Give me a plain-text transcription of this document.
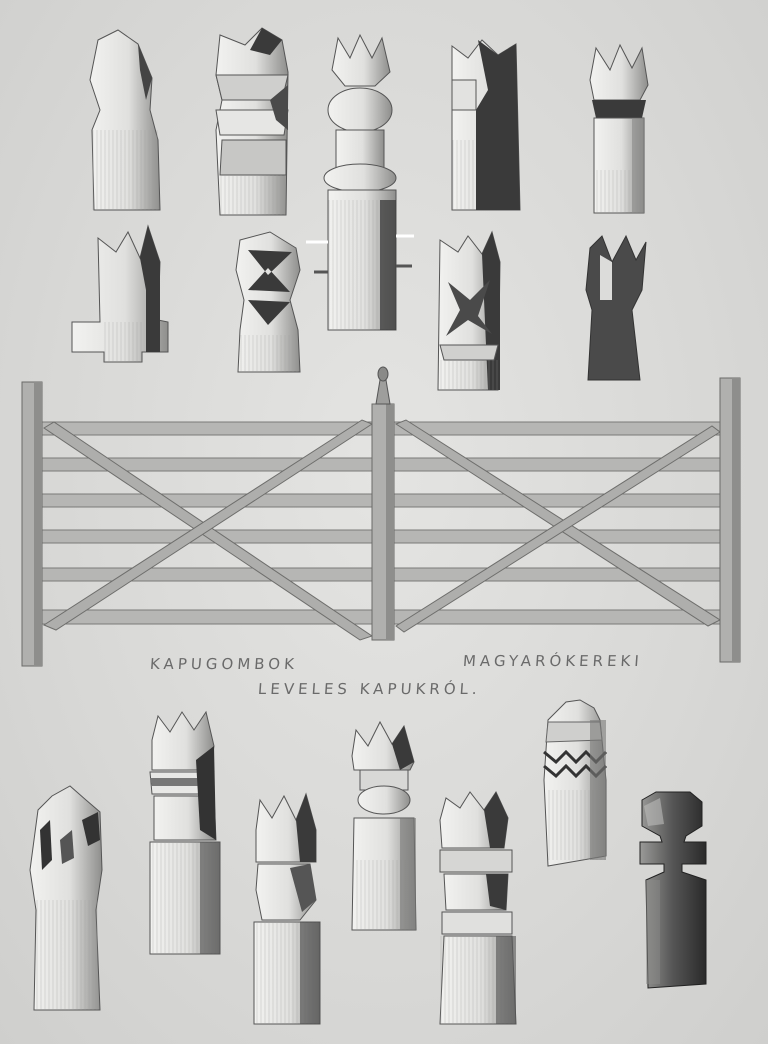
KAPUGOMBOK	MAGYARÓKEREKI
LEVELES KAPUKRÓL.
